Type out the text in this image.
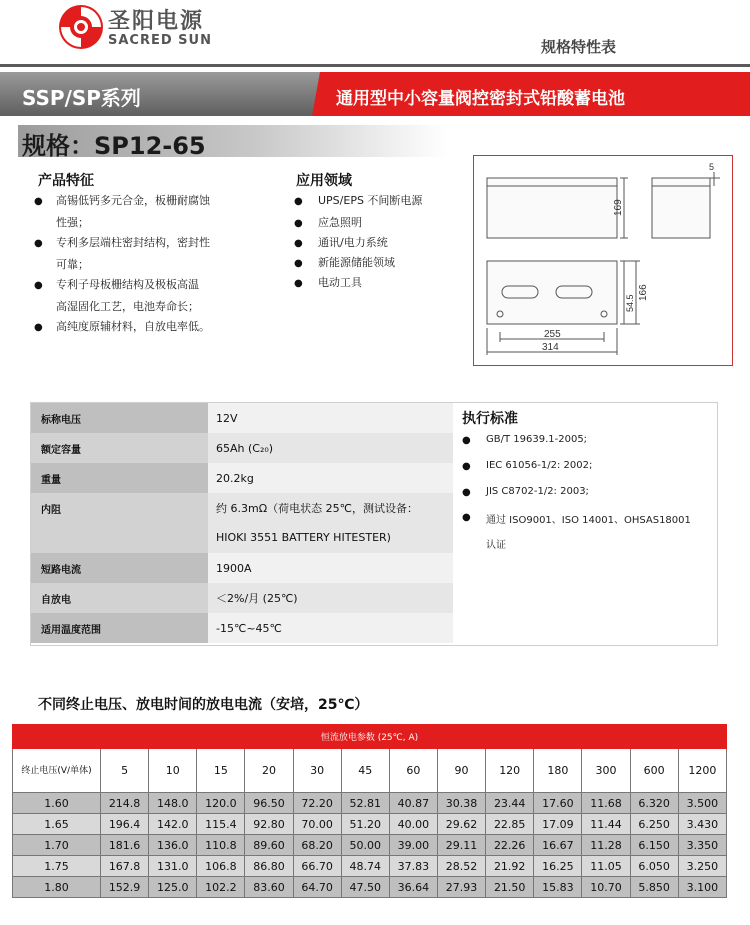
圣阳电源
SACRED SUN	规格特性表
SSP/SP系列	通用型中小容量阀控密封式铅酸蓄电池
规格：SP12-65
产品特征
● 高锡低钙多元合金，板栅耐腐蚀
性强；
● 专利多层端柱密封结构，密封性
可靠；
● 专利子母板栅结构及极板高温
高湿固化工艺，电池寿命长；
● 高纯度原辅材料，自放电率低。
应用领域
● UPS/EPS 不间断电源
● 应急照明
● 通讯/电力系统
● 新能源储能领域
● 电动工具
5
169
166
54.5
255
314
标称电压	12V
额定容量	65Ah (C₂₀)
重量	20.2kg
内阻	约 6.3mΩ（荷电状态 25℃，测试设备：
HIOKI 3551 BATTERY HITESTER)

短路电流	1900A
自放电	＜2%/月 (25℃)
适用温度范围	-15℃~45℃
执行标准
● GB/T 19639.1-2005;
● IEC 61056-1/2: 2002;
● JIS C8702-1/2: 2003;
● 通过 ISO9001、ISO 14001、OHSAS18001
认证
不同终止电压、放电时间的放电电流（安培，25℃）
恒流放电参数 (25℃, A)													
终止电压(V/单体)	5	10	15	20	30	45	60	90	120	180	300	600	1200
1.60	214.8	148.0	120.0	96.50	72.20	52.81	40.87	30.38	23.44	17.60	11.68	6.320	3.500
1.65	196.4	142.0	115.4	92.80	70.00	51.20	40.00	29.62	22.85	17.09	11.44	6.250	3.430
1.70	181.6	136.0	110.8	89.60	68.20	50.00	39.00	29.11	22.26	16.67	11.28	6.150	3.350
1.75	167.8	131.0	106.8	86.80	66.70	48.74	37.83	28.52	21.92	16.25	11.05	6.050	3.250
1.80	152.9	125.0	102.2	83.60	64.70	47.50	36.64	27.93	21.50	15.83	10.70	5.850	3.100
